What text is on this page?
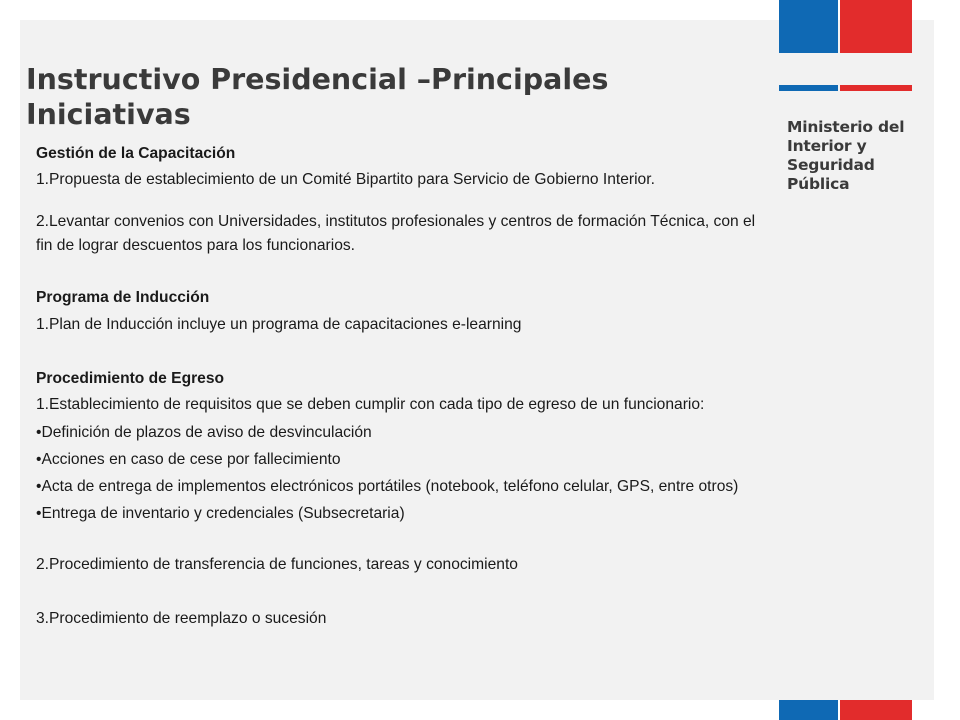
Ministerio del
Interior y
Seguridad
Pública
Instructivo Presidencial –Principales
Iniciativas
Gestión de la Capacitación
1.Propuesta de establecimiento de un Comité Bipartito para Servicio de Gobierno Interior.
2.Levantar convenios con Universidades, institutos profesionales y centros de formación Técnica, con el
fin de lograr descuentos para los funcionarios.
Programa de Inducción
1.Plan de Inducción incluye un programa de capacitaciones e-learning
Procedimiento de Egreso
1.Establecimiento de requisitos que se deben cumplir con cada tipo de egreso de un funcionario:
•Definición de plazos de aviso de desvinculación
•Acciones en caso de cese por fallecimiento
•Acta de entrega de implementos electrónicos portátiles (notebook, teléfono celular, GPS, entre otros)
•Entrega de inventario y credenciales (Subsecretaria)
2.Procedimiento de transferencia de funciones, tareas y conocimiento
3.Procedimiento de reemplazo o sucesión
